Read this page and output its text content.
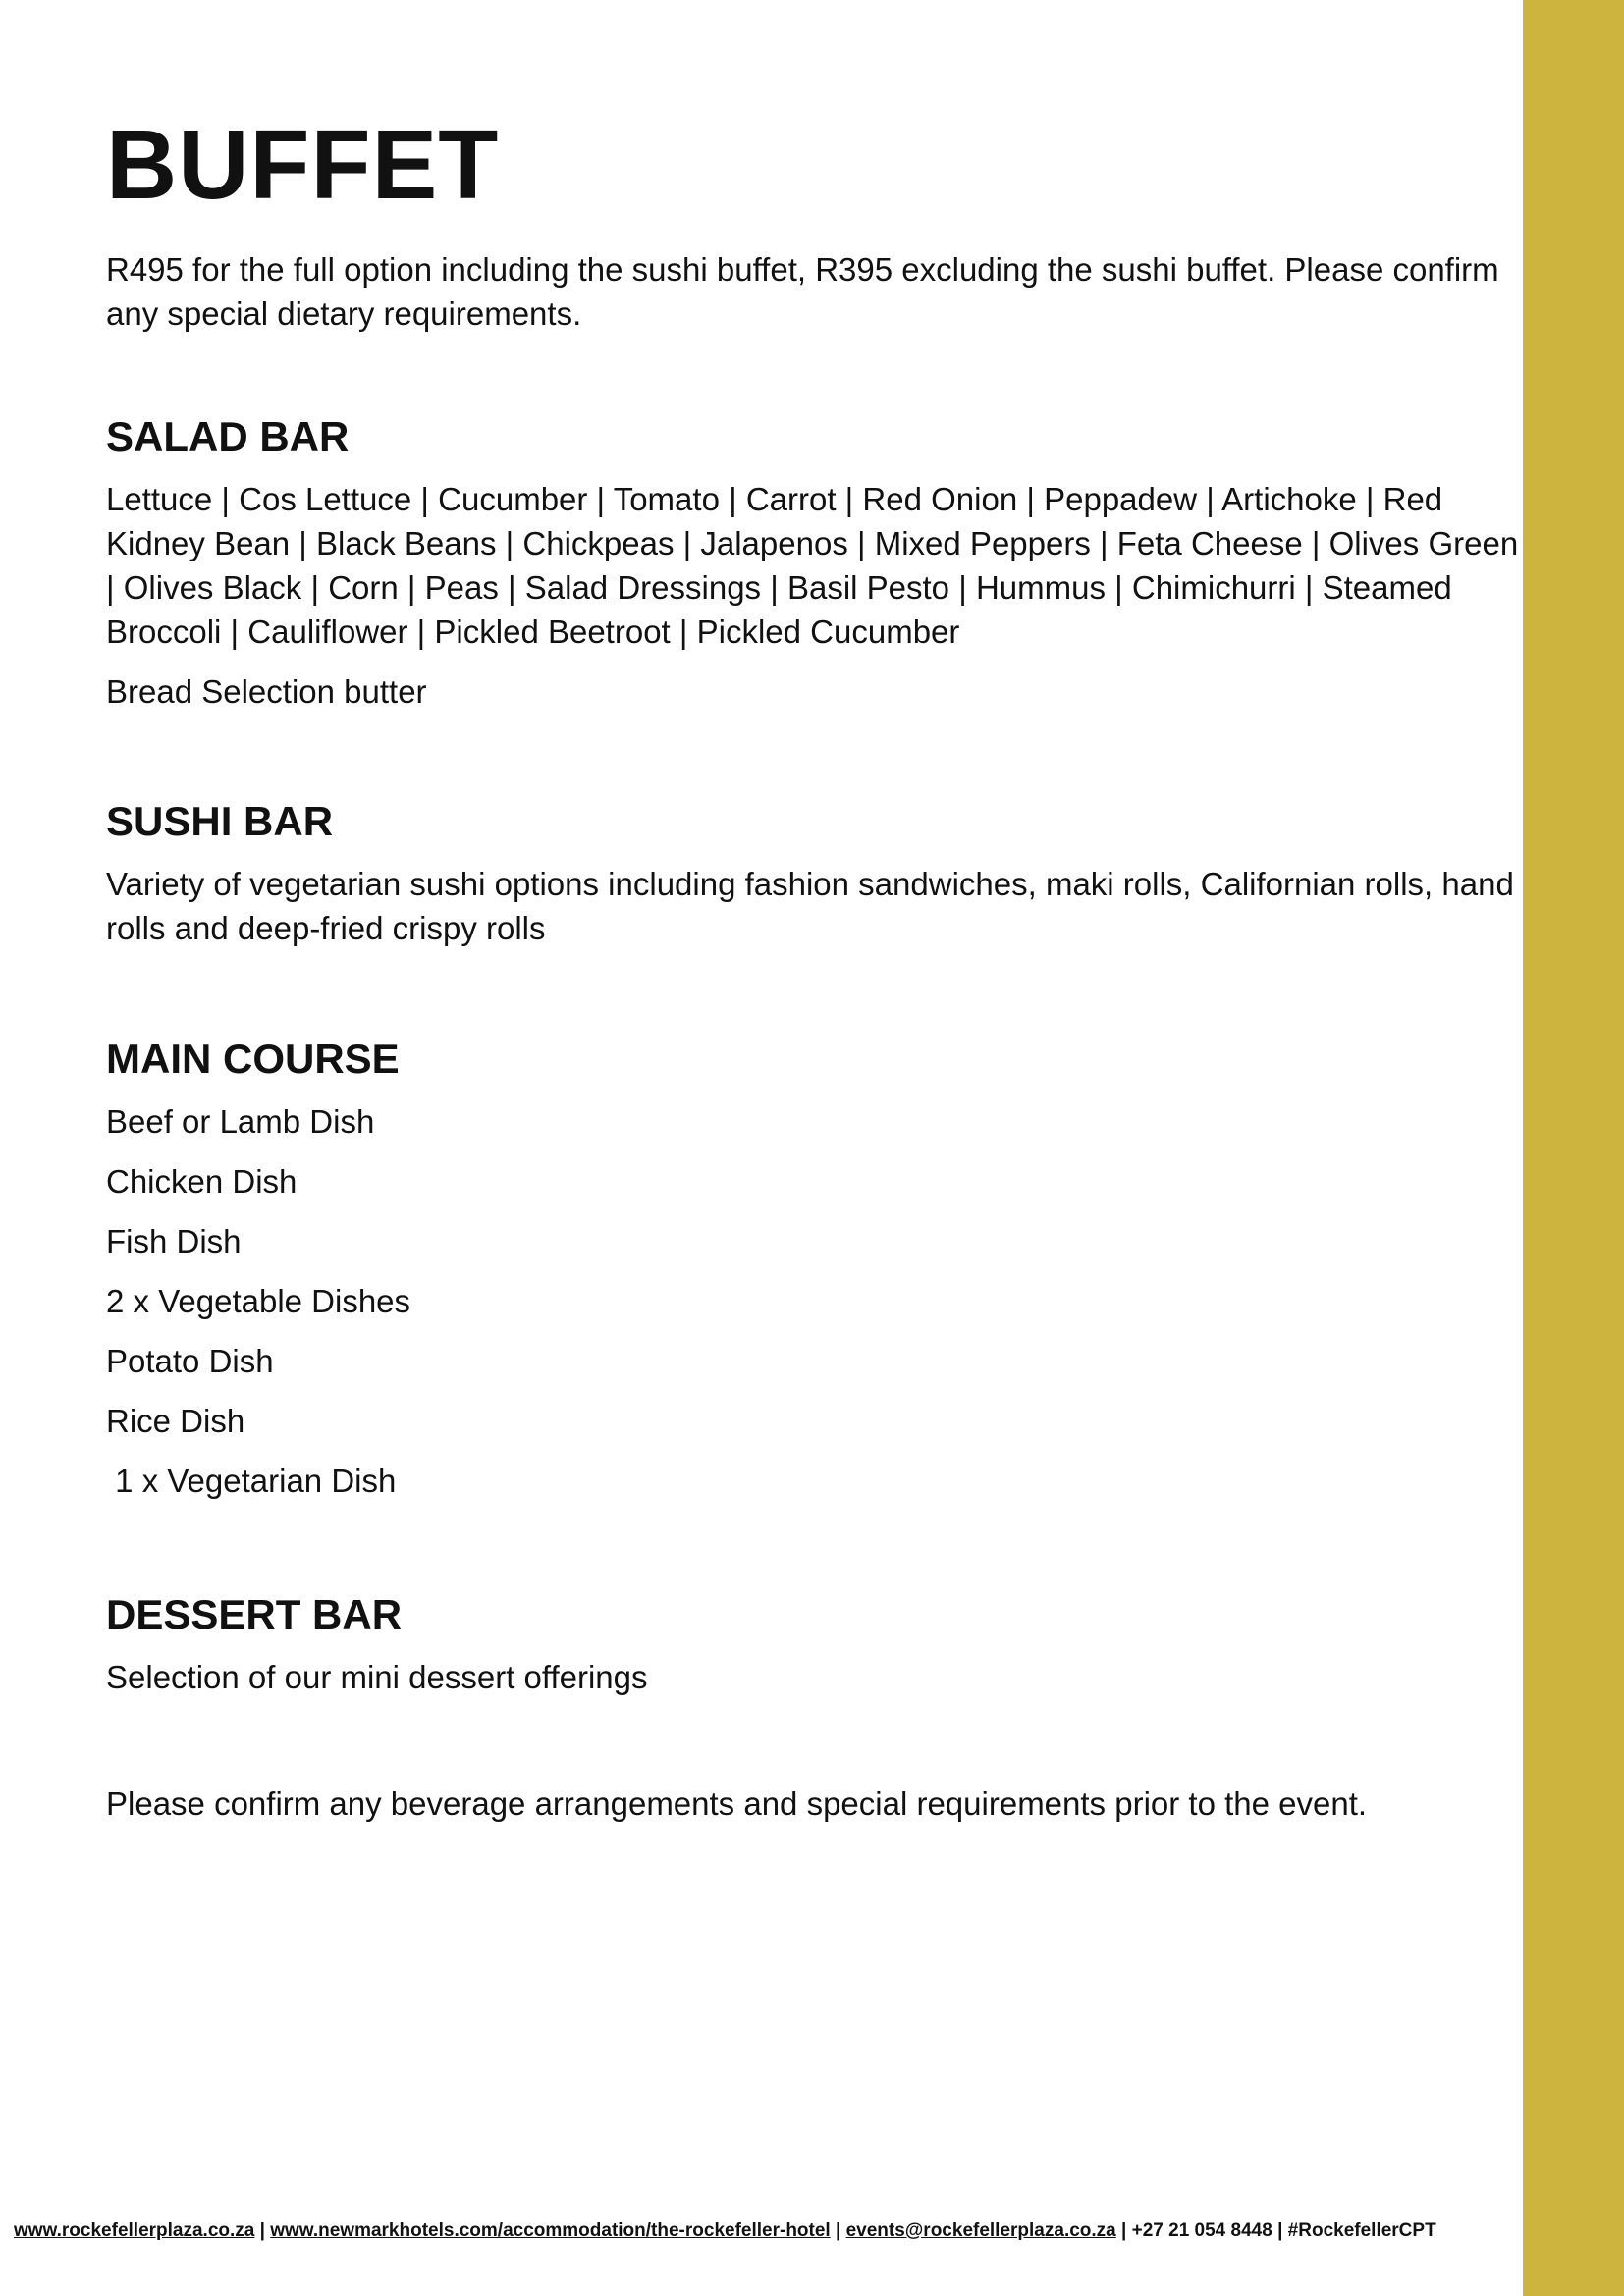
BUFFET

R495 for the full option including the sushi buffet, R395 excluding the sushi buffet. Please confirm any special dietary requirements.

SALAD BAR

Lettuce | Cos Lettuce | Cucumber | Tomato | Carrot | Red Onion | Peppadew | Artichoke | Red Kidney Bean | Black Beans | Chickpeas | Jalapenos | Mixed Peppers | Feta Cheese | Olives Green | Olives Black | Corn | Peas | Salad Dressings | Basil Pesto | Hummus | Chimichurri | Steamed Broccoli | Cauliflower | Pickled Beetroot | Pickled Cucumber

Bread Selection butter

SUSHI BAR

Variety of vegetarian sushi options including fashion sandwiches, maki rolls, Californian rolls, hand rolls and deep-fried crispy rolls

MAIN COURSE
Beef or Lamb Dish
Chicken Dish
Fish Dish
2 x Vegetable Dishes
Potato Dish
Rice Dish
1 x Vegetarian Dish
DESSERT BAR

Selection of our mini dessert offerings

Please confirm any beverage arrangements and special requirements prior to the event.

www.rockefellerplaza.co.za | www.newmarkhotels.com/accommodation/the-rockefeller-hotel | events@rockefellerplaza.co.za | +27 21 054 8448 | #RockefellerCPT
